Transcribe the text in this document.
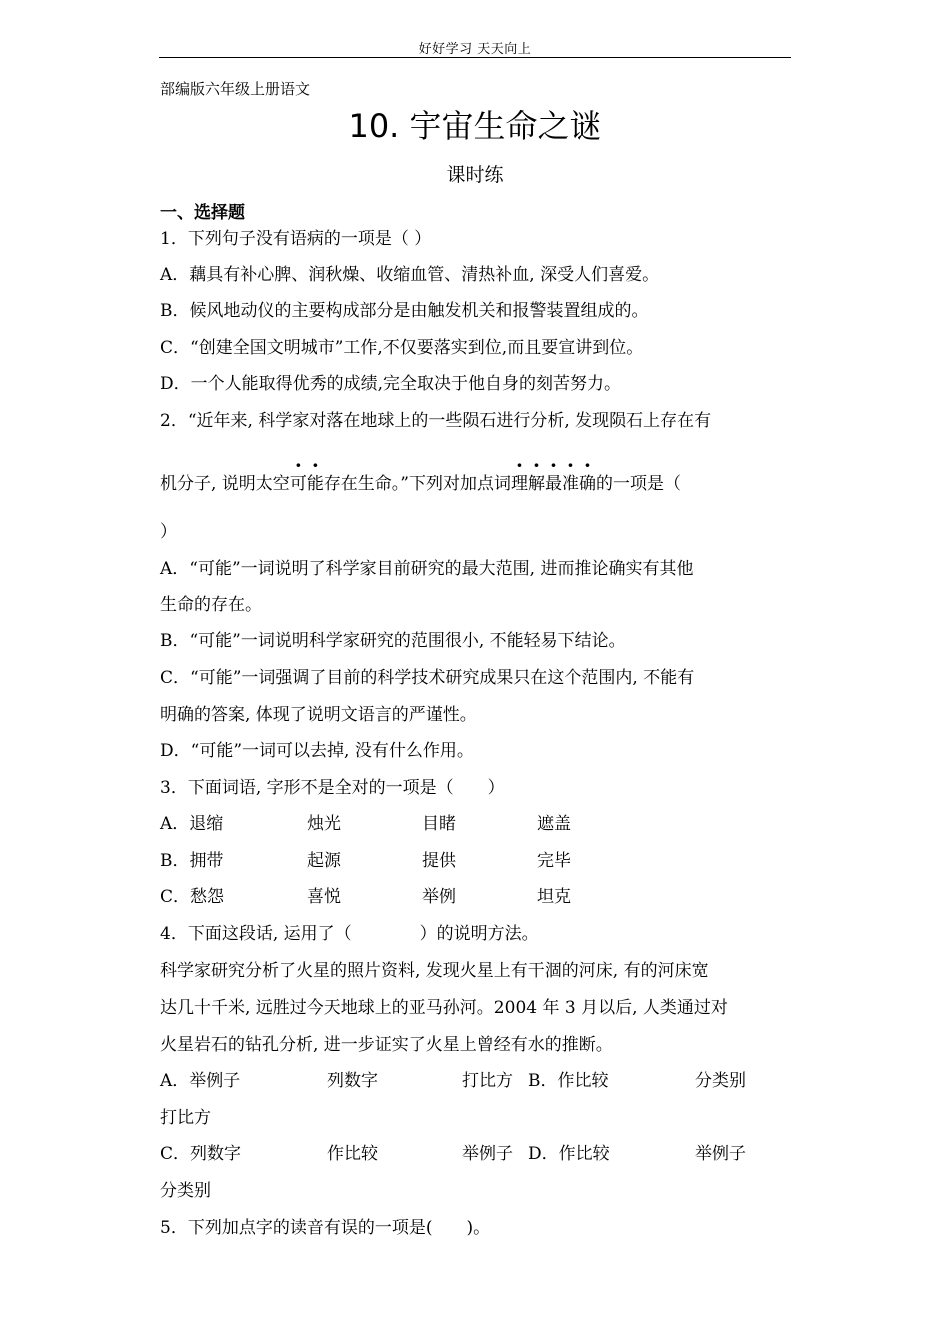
好好学习 天天向上
部编版六年级上册语文
10. 宇宙生命之谜
课时练
一、选择题
1．下列句子没有语病的一项是（ ）
A．藕具有补心脾、润秋燥、收缩血管、清热补血, 深受人们喜爱。
B．候风地动仪的主要构成部分是由触发机关和报警装置组成的。
C．“创建全国文明城市”工作,不仅要落实到位,而且要宣讲到位。
D．一个人能取得优秀的成绩,完全取决于他自身的刻苦努力。
2．“近年来, 科学家对落在地球上的一些陨石进行分析, 发现陨石上存在有
机分子, 说明太空可能存在生命。”下列对加点词理解最准确的一项是（
）
A．“可能”一词说明了科学家目前研究的最大范围, 进而推论确实有其他
生命的存在。
B．“可能”一词说明科学家研究的范围很小, 不能轻易下结论。
C．“可能”一词强调了目前的科学技术研究成果只在这个范围内, 不能有
明确的答案, 体现了说明文语言的严谨性。
D．“可能”一词可以去掉, 没有什么作用。
3．下面词语, 字形不是全对的一项是（　　）
A．退缩	烛光	目睹	遮盖
B．拥带	起源	提供	完毕
C．愁怨	喜悦	举例	坦克
4．下面这段话, 运用了（　　　　）的说明方法。
科学家研究分析了火星的照片资料, 发现火星上有干涸的河床, 有的河床宽
达几十千米, 远胜过今天地球上的亚马孙河。2004 年 3 月以后, 人类通过对
火星岩石的钻孔分析, 进一步证实了火星上曾经有水的推断。
A．举例子	列数字	打比方 B．作比较	分类别
打比方
C．列数字	作比较	举例子 D．作比较	举例子
分类别
5．下列加点字的读音有误的一项是(　　)。
